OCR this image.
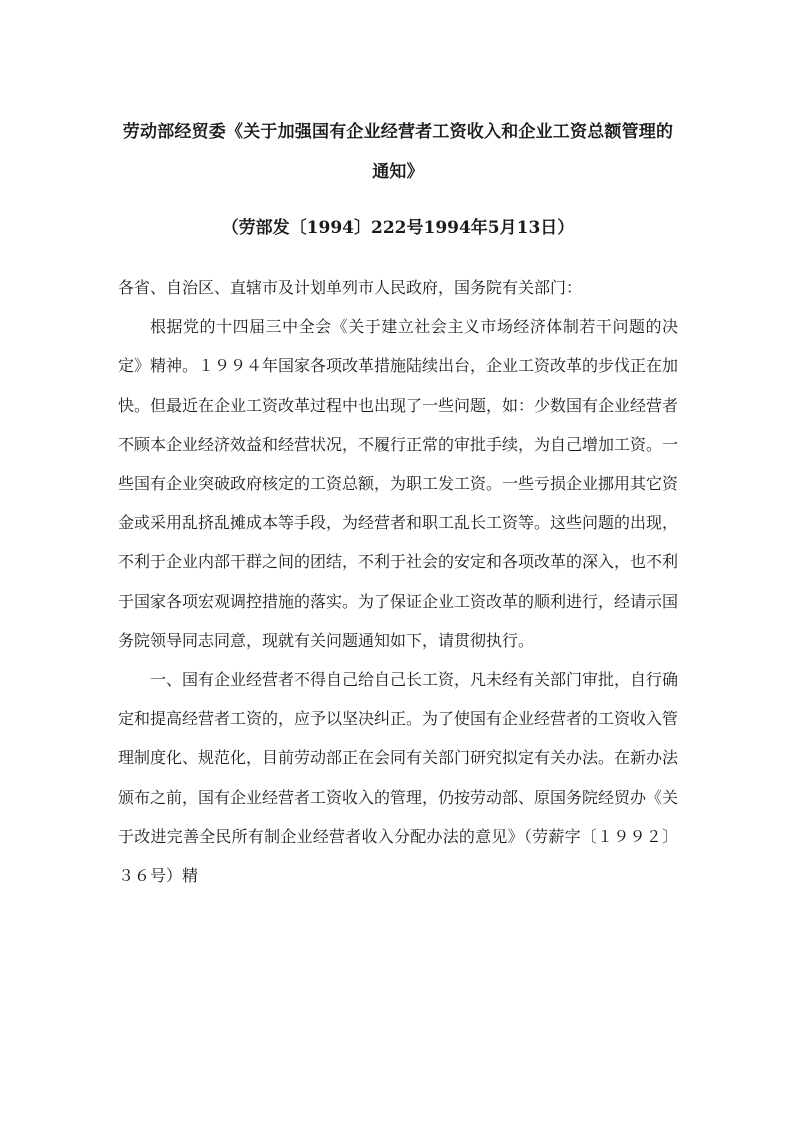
劳动部经贸委《关于加强国有企业经营者工资收入和企业工资总额管理的通知》
（劳部发〔1994〕222号1994年5月13日）

各省、自治区、直辖市及计划单列市人民政府，国务院有关部门：

根据党的十四届三中全会《关于建立社会主义市场经济体制若干问题的决定》精神。１９９４年国家各项改革措施陆续出台，企业工资改革的步伐正在加快。但最近在企业工资改革过程中也出现了一些问题，如：少数国有企业经营者不顾本企业经济效益和经营状况，不履行正常的审批手续，为自己增加工资。一些国有企业突破政府核定的工资总额，为职工发工资。一些亏损企业挪用其它资金或采用乱挤乱摊成本等手段，为经营者和职工乱长工资等。这些问题的出现，不利于企业内部干群之间的团结，不利于社会的安定和各项改革的深入，也不利于国家各项宏观调控措施的落实。为了保证企业工资改革的顺利进行，经请示国务院领导同志同意，现就有关问题通知如下，请贯彻执行。

一、国有企业经营者不得自己给自己长工资，凡未经有关部门审批，自行确定和提高经营者工资的，应予以坚决纠正。为了使国有企业经营者的工资收入管理制度化、规范化，目前劳动部正在会同有关部门研究拟定有关办法。在新办法颁布之前，国有企业经营者工资收入的管理，仍按劳动部、原国务院经贸办《关于改进完善全民所有制企业经营者收入分配办法的意见》（劳薪字〔１９９２〕３６号）精
